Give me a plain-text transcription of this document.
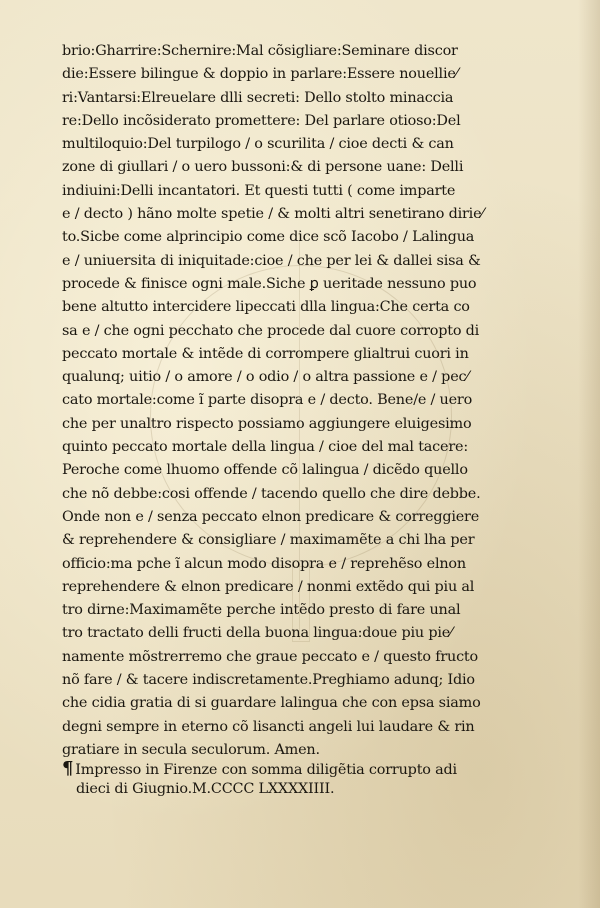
brio:Gharrire:Schernire:Mal cõsigliare:Seminare discor
die:Essere bilingue & doppio in parlare:Essere nouellie⁄
ri:Vantarsi:Elreuelare dlli secreti: Dello stolto minaccia
re:Dello incõsiderato promettere: Del parlare otioso:Del
multiloquio:Del turpilogo / o scurilita / cioe decti & can
zone di giullari / o uero bussoni:& di persone uane: Delli
indiuini:Delli incantatori. Et questi tutti ( come imparte
e / decto ) hãno molte spetie / & molti altri senetirano dirie⁄
to.Sicbe come alprincipio come dice scõ Iacobo / Lalingua
e / uniuersita di iniquitade:cioe / che per lei & dallei sisa &
procede & finisce ogni male.Siche ꝑ ueritade nessuno puo
bene altutto intercidere lipeccati dlla lingua:Che certa co
sa e / che ogni pecchato che procede dal cuore corropto di
peccato mortale & intẽde di corrompere glialtrui cuori in
qualunq; uitio / o amore / o odio / o altra passione e / pec⁄
cato mortale:come ĩ parte disopra e / decto. Bene/e / uero
che per unaltro rispecto possiamo aggiungere eluigesimo
quinto peccato mortale della lingua / cioe del mal tacere:
Peroche come lhuomo offende cõ lalingua / dicẽdo quello
che nõ debbe:cosi offende / tacendo quello che dire debbe.
Onde non e / senza peccato elnon predicare & correggiere
& reprehendere & consigliare / maximamẽte a chi lha per
officio:ma pche ĩ alcun modo disopra e / reprehẽso elnon
reprehendere & elnon predicare / nonmi extẽdo qui piu al
tro dirne:Maximamẽte perche intẽdo presto di fare unal
tro tractato delli fructi della buona lingua:doue piu pie⁄
namente mõstrerremo che graue peccato e / questo fructo
nõ fare / & tacere indiscretamente.Preghiamo adunq; Idio
che cidia gratia di si guardare lalingua che con epsa siamo
degni sempre in eterno cõ lisancti angeli lui laudare & rin
gratiare in secula seculorum. Amen.
¶ Impresso in Firenze con somma diligẽtia corrupto adi
dieci di Giugnio.M.CCCC LXXXXIIII.
